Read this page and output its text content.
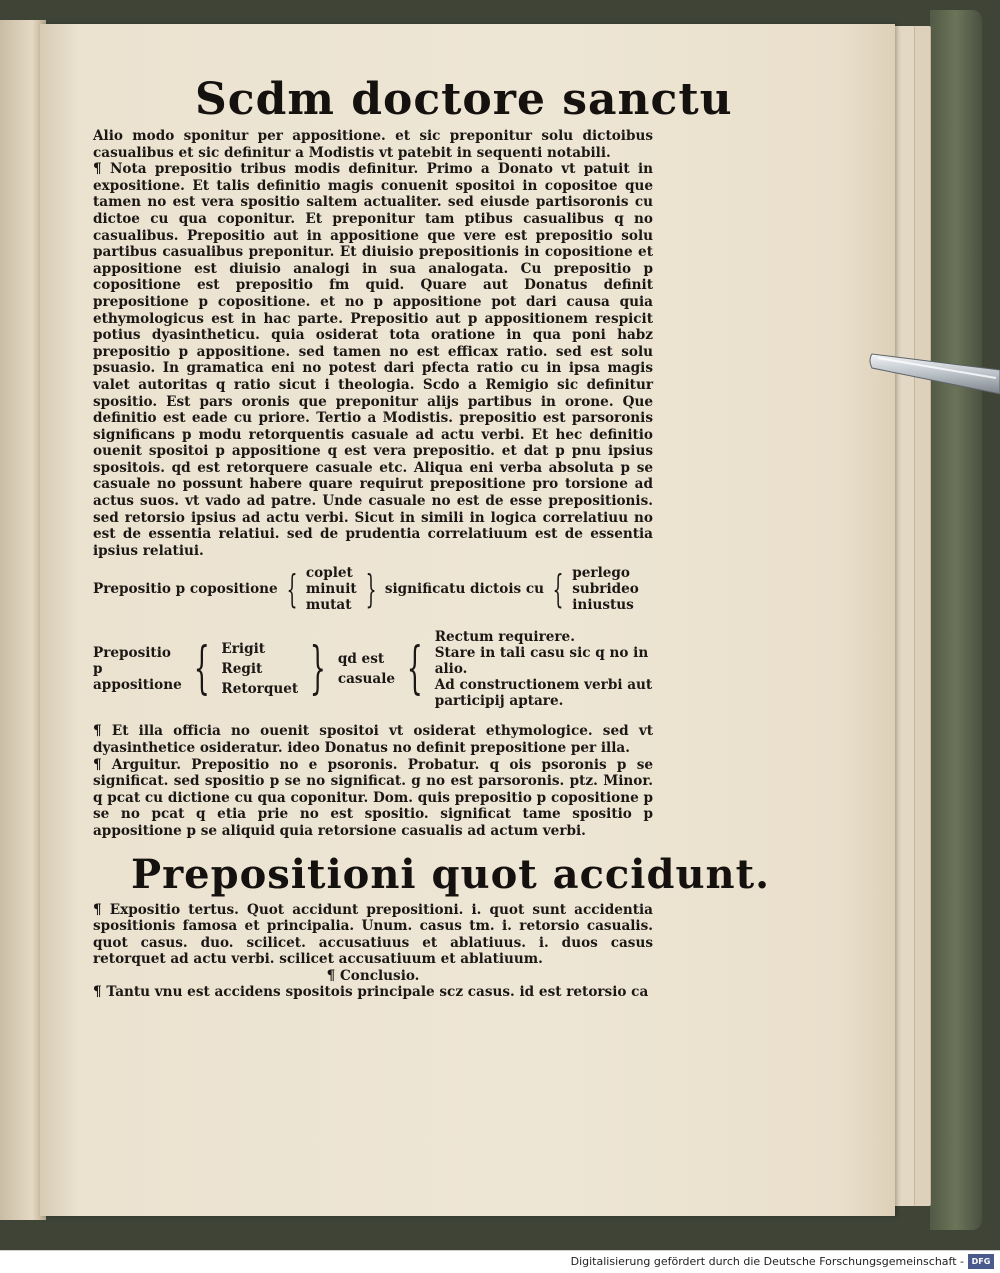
Scdm doctore sanctu

Alio modo sponitur per appositione. et sic preponitur solu dictoibus casualibus et sic definitur a Modistis vt patebit in sequenti notabili.

¶ Nota prepositio tribus modis definitur. Primo a Donato vt patuit in expositione. Et talis definitio magis conuenit spositoi in copositoe que tamen no est vera spositio saltem actualiter. sed eiusde partisoronis cu dictoe cu qua coponitur. Et preponitur tam ptibus casualibus q no casualibus. Prepositio aut in appositione que vere est prepositio solu partibus casualibus preponitur. Et diuisio prepositionis in copositione et appositione est diuisio analogi in sua analogata. Cu prepositio p copositione est prepositio fm quid. Quare aut Donatus definit prepositione p copositione. et no p appositione pot dari causa quia ethymologicus est in hac parte. Prepositio aut p appositionem respicit potius dyasintheticu. quia osiderat tota oratione in qua poni habz prepositio p appositione. sed tamen no est efficax ratio. sed est solu psuasio. In gramatica eni no potest dari pfecta ratio cu in ipsa magis valet autoritas q ratio sicut i theologia. Scdo a Remigio sic definitur spositio. Est pars oronis que preponitur alijs partibus in orone. Que definitio est eade cu priore. Tertio a Modistis. prepositio est parsoronis significans p modu retorquentis casuale ad actu verbi. Et hec definitio ouenit spositoi p appositione q est vera prepositio. et dat p pnu ipsius spositois. qd est retorquere casuale etc. Aliqua eni verba absoluta p se casuale no possunt habere quare requirut prepositione pro torsione ad actus suos. vt vado ad patre. Unde casuale no est de esse prepositionis. sed retorsio ipsius ad actu verbi. Sicut in simili in logica correlatiuu no est de essentia relatiui. sed de prudentia correlatiuum est de essentia ipsius relatiui.

Prepositio p copositione { coplet
minuit
mutat } significatu dictois cu { perlego
subrideo
iniustus
Prepositio p
appositione { Erigit
Regit
Retorquet } qd est
casuale { Rectum requirere.
Stare in tali casu sic q no in alio.
Ad constructionem verbi aut participij aptare.

¶ Et illa officia no ouenit spositoi vt osiderat ethymologice. sed vt dyasinthetice osideratur. ideo Donatus no definit prepositione per illa.

¶ Arguitur. Prepositio no e psoronis. Probatur. q ois psoronis p se significat. sed spositio p se no significat. g no est parsoronis. ptz. Minor. q pcat cu dictione cu qua coponitur. Dom. quis prepositio p copositione p se no pcat q etia prie no est spositio. significat tame spositio p appositione p se aliquid quia retorsione casualis ad actum verbi.

Prepositioni quot accidunt.

¶ Expositio tertus. Quot accidunt prepositioni. i. quot sunt accidentia spositionis famosa et principalia. Unum. casus tm. i. retorsio casualis. quot casus. duo. scilicet. accusatiuus et ablatiuus. i. duos casus retorquet ad actu verbi. scilicet accusatiuum et ablatiuum.

¶ Conclusio.

¶ Tantu vnu est accidens spositois principale scz casus. id est retorsio ca

Digitalisierung gefördert durch die Deutsche Forschungsgemeinschaft - DFG
